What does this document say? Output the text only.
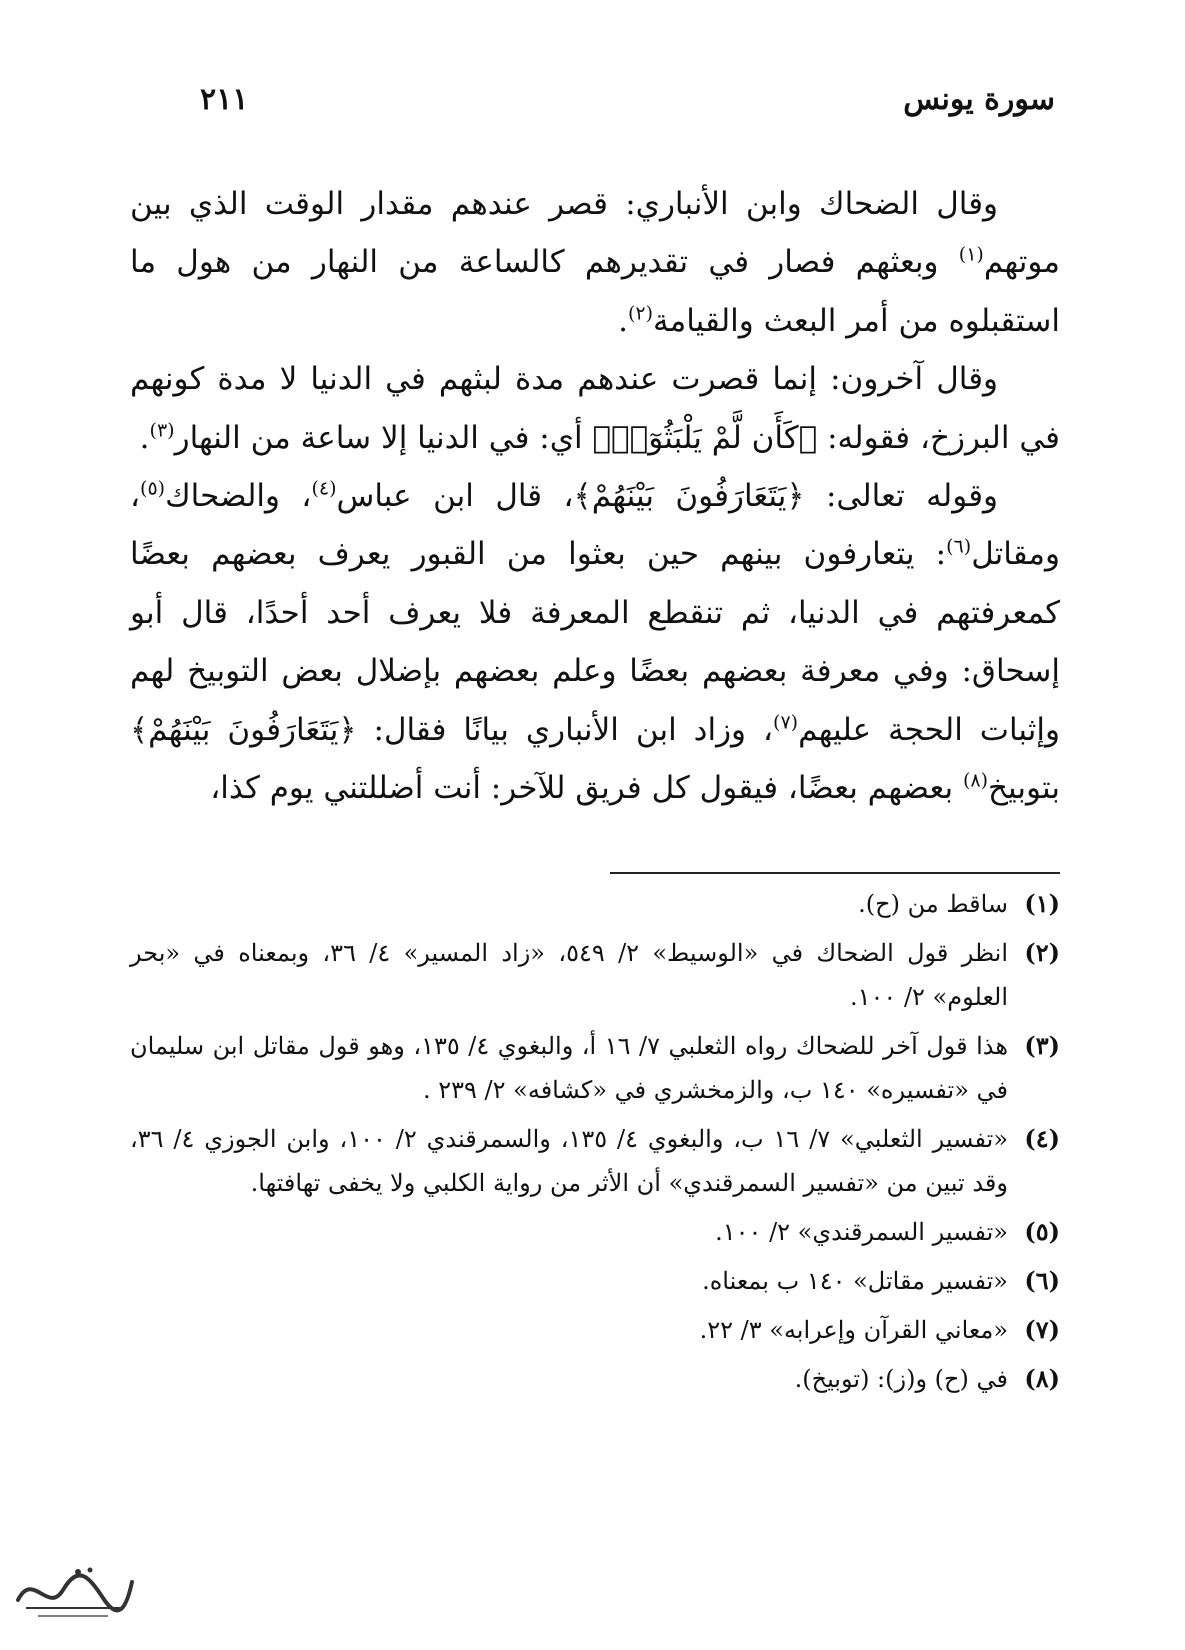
٢١١	سورة يونس

وقال الضحاك وابن الأنباري: قصر عندهم مقدار الوقت الذي بين موتهم$^{(١)}$ وبعثهم فصار في تقديرهم كالساعة من النهار من هول ما استقبلوه من أمر البعث والقيامة$^{(٢)}$.

وقال آخرون: إنما قصرت عندهم مدة لبثهم في الدنيا لا مدة كونهم في البرزخ، فقوله: ﴿كَأَن لَّمْ يَلْبَثُوٓا۟﴾ أي: في الدنيا إلا ساعة من النهار$^{(٣)}$.

وقوله تعالى: ﴿يَتَعَارَفُونَ بَيْنَهُمْ﴾، قال ابن عباس$^{(٤)}$، والضحاك$^{(٥)}$، ومقاتل$^{(٦)}$: يتعارفون بينهم حين بعثوا من القبور يعرف بعضهم بعضًا كمعرفتهم في الدنيا، ثم تنقطع المعرفة فلا يعرف أحد أحدًا، قال أبو إسحاق: وفي معرفة بعضهم بعضًا وعلم بعضهم بإضلال بعض التوبيخ لهم وإثبات الحجة عليهم$^{(٧)}$، وزاد ابن الأنباري بيانًا فقال: ﴿يَتَعَارَفُونَ بَيْنَهُمْ﴾ بتوبيخ$^{(٨)}$ بعضهم بعضًا، فيقول كل فريق للآخر: أنت أضللتني يوم كذا،

(١)
ساقط من (ح).
(٢)
انظر قول الضحاك في «الوسيط» ٢/ ٥٤٩، «زاد المسير» ٤/ ٣٦، وبمعناه في «بحر العلوم» ٢/ ١٠٠.
(٣)
هذا قول آخر للضحاك رواه الثعلبي ٧/ ١٦ أ، والبغوي ٤/ ١٣٥، وهو قول مقاتل ابن سليمان في «تفسيره» ١٤٠ ب، والزمخشري في «كشافه» ٢/ ٢٣٩ .
(٤)
«تفسير الثعلبي» ٧/ ١٦ ب، والبغوي ٤/ ١٣٥، والسمرقندي ٢/ ١٠٠، وابن الجوزي ٤/ ٣٦، وقد تبين من «تفسير السمرقندي» أن الأثر من رواية الكلبي ولا يخفى تهافتها.
(٥)
«تفسير السمرقندي» ٢/ ١٠٠.
(٦)
«تفسير مقاتل» ١٤٠ ب بمعناه.
(٧)
«معاني القرآن وإعرابه» ٣/ ٢٢.
(٨)
في (ح) و(ز): (توبيخ).
